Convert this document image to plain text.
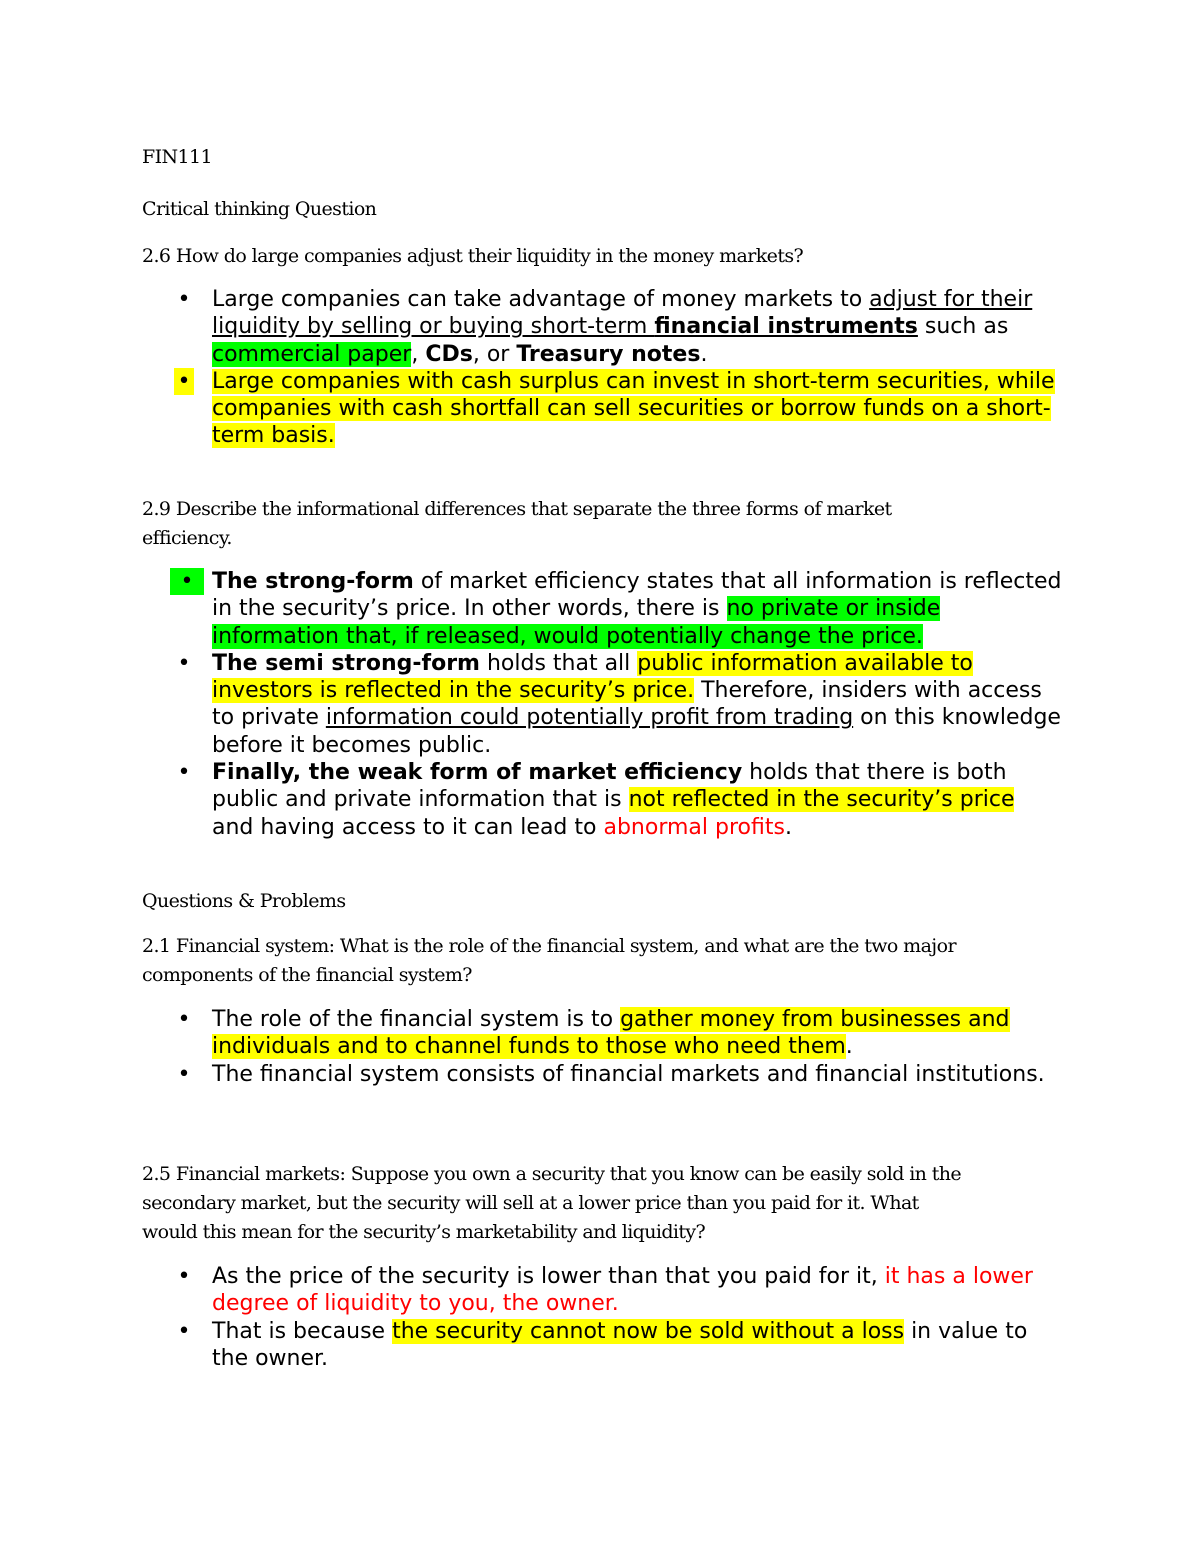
FIN111

Critical thinking Question

2.6 How do large companies adjust their liquidity in the money markets?

• Large companies can take advantage of money markets to adjust for their liquidity by selling or buying short-term financial instruments such as commercial paper, CDs, or Treasury notes.
• Large companies with cash surplus can invest in short-term securities, while companies with cash shortfall can sell securities or borrow funds on a short-term basis.

2.9 Describe the informational differences that separate the three forms of market
efficiency.

• The strong-form of market efficiency states that all information is reflected in the security’s price. In other words, there is no private or inside information that, if released, would potentially change the price.
• The semi strong-form holds that all public information available to investors is reflected in the security’s price. Therefore, insiders with access to private information could potentially profit from trading on this knowledge before it becomes public.
• Finally, the weak form of market efficiency holds that there is both public and private information that is not reflected in the security’s price and having access to it can lead to abnormal profits.

Questions & Problems

2.1 Financial system: What is the role of the financial system, and what are the two major
components of the financial system?

• The role of the financial system is to gather money from businesses and individuals and to channel funds to those who need them.
• The financial system consists of financial markets and financial institutions.

2.5 Financial markets: Suppose you own a security that you know can be easily sold in the
secondary market, but the security will sell at a lower price than you paid for it. What
would this mean for the security’s marketability and liquidity?

• As the price of the security is lower than that you paid for it, it has a lower degree of liquidity to you, the owner.
• That is because the security cannot now be sold without a loss in value to the owner.
